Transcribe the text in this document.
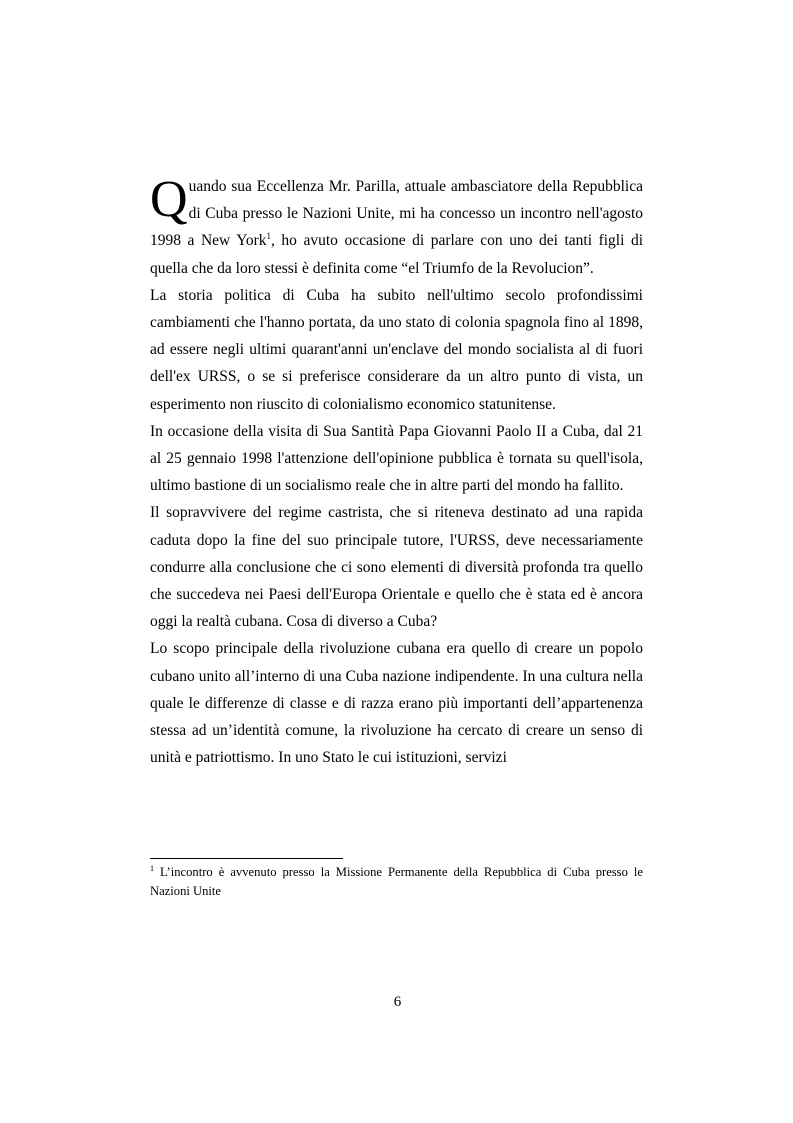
Quando sua Eccellenza Mr. Parilla, attuale ambasciatore della Repubblica di Cuba presso le Nazioni Unite, mi ha concesso un incontro nell'agosto 1998 a New York$^1$, ho avuto occasione di parlare con uno dei tanti figli di quella che da loro stessi è definita come “el Triumfo de la Revolucion”.

La storia politica di Cuba ha subito nell'ultimo secolo profondissimi cambiamenti che l'hanno portata, da uno stato di colonia spagnola fino al 1898, ad essere negli ultimi quarant'anni un'enclave del mondo socialista al di fuori dell'ex URSS, o se si preferisce considerare da un altro punto di vista, un esperimento non riuscito di colonialismo economico statunitense.

In occasione della visita di Sua Santità Papa Giovanni Paolo II a Cuba, dal 21 al 25 gennaio 1998 l'attenzione dell'opinione pubblica è tornata su quell'isola, ultimo bastione di un socialismo reale che in altre parti del mondo ha fallito.

Il sopravvivere del regime castrista, che si riteneva destinato ad una rapida caduta dopo la fine del suo principale tutore, l'URSS, deve necessariamente condurre alla conclusione che ci sono elementi di diversità profonda tra quello che succedeva nei Paesi dell'Europa Orientale e quello che è stata ed è ancora oggi la realtà cubana. Cosa di diverso a Cuba?

Lo scopo principale della rivoluzione cubana era quello di creare un popolo cubano unito all’interno di una Cuba nazione indipendente. In una cultura nella quale le differenze di classe e di razza erano più importanti dell’appartenenza stessa ad un’identità comune, la rivoluzione ha cercato di creare un senso di unità e patriottismo. In uno Stato le cui istituzioni, servizi

$^1$ L’incontro è avvenuto presso la Missione Permanente della Repubblica di Cuba presso le Nazioni Unite
6
